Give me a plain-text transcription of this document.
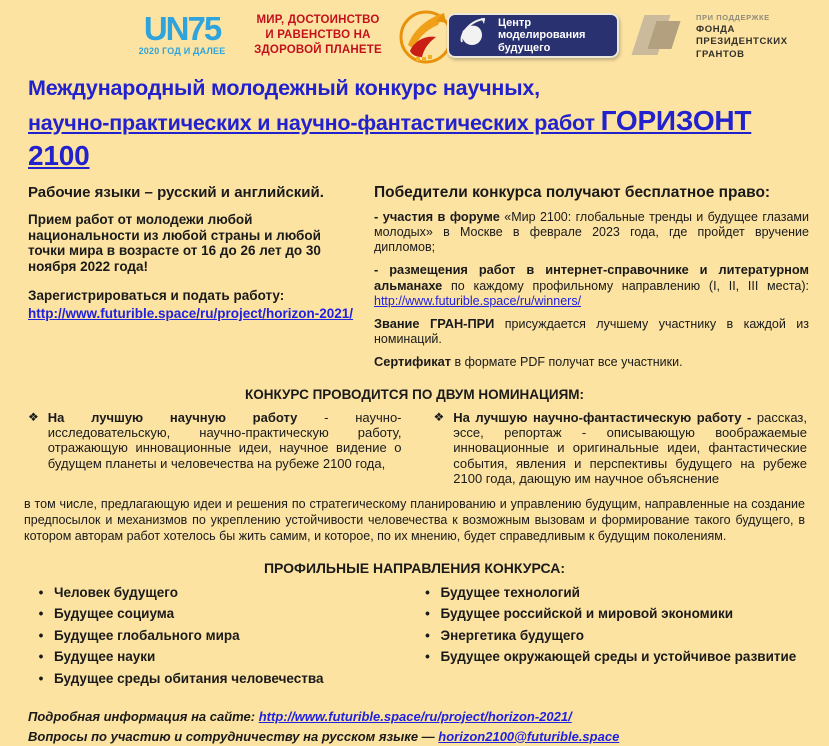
UN75
2020 ГОД И ДАЛЕЕ
МИР, ДОСТОИНСТВО
И РАВЕНСТВО НА
ЗДОРОВОЙ ПЛАНЕТЕ
Центр моделирования
будущего
ПРИ ПОДДЕРЖКЕ
ФОНДА
ПРЕЗИДЕНТСКИХ
ГРАНТОВ
Международный молодежный конкурс научных,
научно-практических и научно-фантастических работ ГОРИЗОНТ 2100
Рабочие языки – русский и английский.
Прием работ от молодежи любой национальности из любой страны и любой точки мира в возрасте от 16 до 26 лет до 30 ноября 2022 года!
Зарегистрироваться и подать работу:
http://www.futurible.space/ru/project/horizon-2021/
Победители конкурса получают бесплатное право:
- участия в форуме «Мир 2100: глобальные тренды и будущее глазами молодых» в Москве в феврале 2023 года, где пройдет вручение дипломов;
- размещения работ в интернет-справочнике и литературном альманахе по каждому профильному направлению (I, II, III места): http://www.futurible.space/ru/winners/
Звание ГРАН-ПРИ присуждается лучшему участнику в каждой из номинаций.
Сертификат в формате PDF получат все участники.
КОНКУРС ПРОВОДИТСЯ ПО ДВУМ НОМИНАЦИЯМ:
❖ На лучшую научную работу - научно-исследовательскую, научно-практическую работу, отражающую инновационные идеи, научное видение о будущем планеты и человечества на рубеже 2100 года,
❖ На лучшую научно-фантастическую работу - рассказ, эссе, репортаж - описывающую воображаемые инновационные и оригинальные идеи, фантастические события, явления и перспективы будущего на рубеже 2100 года, дающую им научное объяснение
в том числе, предлагающую идеи и решения по стратегическому планированию и управлению будущим, направленные на создание предпосылок и механизмов по укреплению устойчивости человечества к возможным вызовам и формирование такого будущего, в котором авторам работ хотелось бы жить самим, и которое, по их мнению, будет справедливым к будущим поколениям.
ПРОФИЛЬНЫЕ НАПРАВЛЕНИЯ КОНКУРСА:
• Человек будущего
• Будущее социума
• Будущее глобального мира
• Будущее науки
• Будущее среды обитания человечества
• Будущее технологий
• Будущее российской и мировой экономики
• Энергетика будущего
• Будущее окружающей среды и устойчивое развитие
Подробная информация на сайте: http://www.futurible.space/ru/project/horizon-2021/
Вопросы по участию и сотрудничеству на русском языке — horizon2100@futurible.space
